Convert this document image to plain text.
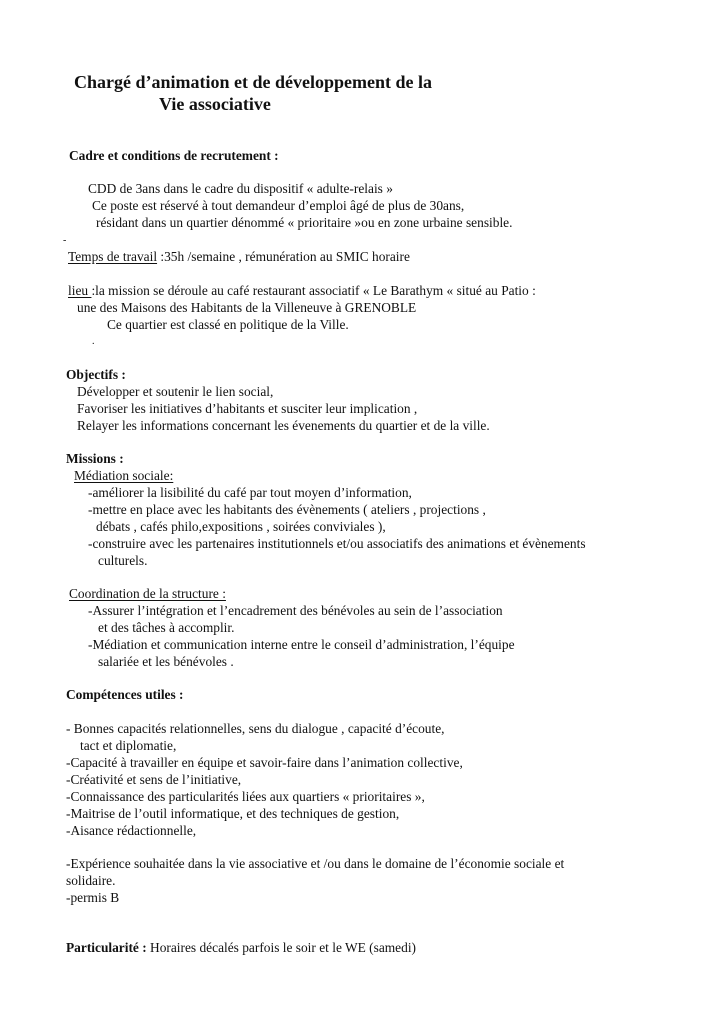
Chargé d’animation et de développement de la
Vie associative
Cadre et conditions de recrutement :
CDD de 3ans dans le cadre du dispositif « adulte-relais »
Ce poste est réservé à tout demandeur d’emploi âgé de plus de 30ans,
résidant dans un quartier dénommé « prioritaire »ou en zone urbaine sensible.
-
Temps de travail :35h /semaine , rémunération au SMIC horaire
lieu :la mission se déroule au café restaurant associatif « Le Barathym « situé au Patio :
une des Maisons des Habitants de la Villeneuve à GRENOBLE
Ce quartier est classé en politique de la Ville.
.
Objectifs :
Développer et soutenir le lien social,
Favoriser les initiatives d’habitants et susciter leur implication ,
Relayer les informations concernant les évenements du quartier et de la ville.
Missions :
Médiation sociale:
-améliorer la lisibilité du café par tout moyen d’information,
-mettre en place avec les habitants des évènements ( ateliers , projections ,
débats , cafés philo,expositions , soirées conviviales ),
-construire avec les partenaires institutionnels et/ou associatifs des animations et évènements
culturels.
Coordination de la structure :
-Assurer l’intégration et l’encadrement des bénévoles au sein de l’association
et des tâches à accomplir.
-Médiation et communication interne entre le conseil d’administration, l’équipe
salariée et les bénévoles .
Compétences utiles :
- Bonnes capacités relationnelles, sens du dialogue , capacité d’écoute,
tact et diplomatie,
-Capacité à travailler en équipe et savoir-faire dans l’animation collective,
-Créativité et sens de l’initiative,
-Connaissance des particularités liées aux quartiers « prioritaires »,
-Maitrise de l’outil informatique, et des techniques de gestion,
-Aisance rédactionnelle,
-Expérience souhaitée dans la vie associative et /ou dans le domaine de l’économie sociale et
solidaire.
-permis B
Particularité : Horaires décalés parfois le soir et le WE (samedi)
